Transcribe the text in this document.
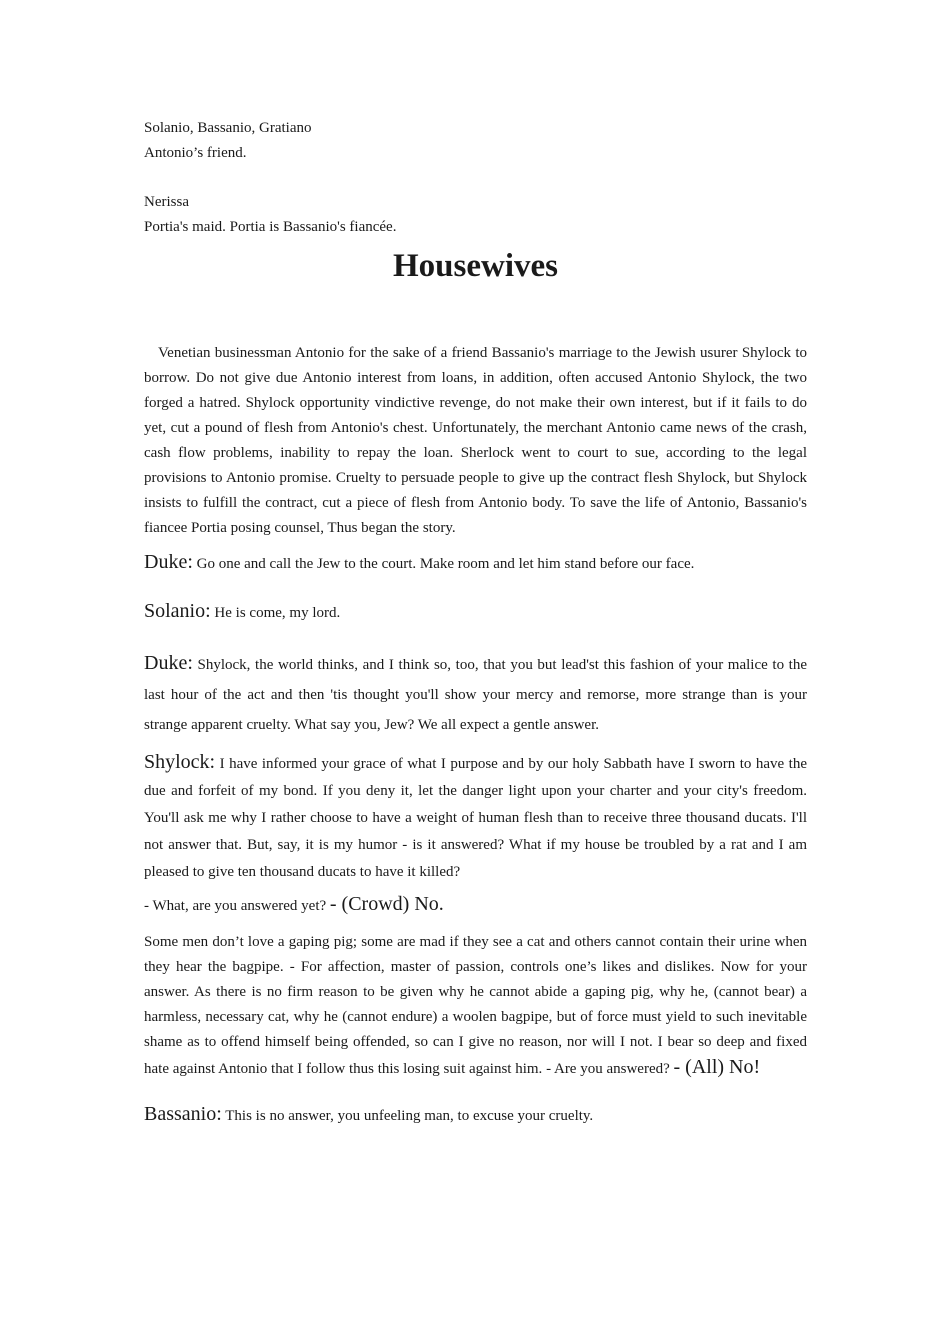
Solanio, Bassanio, Gratiano

Antonio’s friend.

Nerissa

Portia's maid. Portia is Bassanio's fiancée.

Housewives

Venetian businessman Antonio for the sake of a friend Bassanio's marriage to the Jewish usurer Shylock to borrow. Do not give due Antonio interest from loans, in addition, often accused Antonio Shylock, the two forged a hatred. Shylock opportunity vindictive revenge, do not make their own interest, but if it fails to do yet, cut a pound of flesh from Antonio's chest. Unfortunately, the merchant Antonio came news of the crash, cash flow problems, inability to repay the loan. Sherlock went to court to sue, according to the legal provisions to Antonio promise. Cruelty to persuade people to give up the contract flesh Shylock, but Shylock insists to fulfill the contract, cut a piece of flesh from Antonio body. To save the life of Antonio, Bassanio's fiancee Portia posing counsel, Thus began the story.

Duke: Go one and call the Jew to the court. Make room and let him stand before our face.

Solanio: He is come, my lord.

Duke: Shylock, the world thinks, and I think so, too, that you but lead'st this fashion of your malice to the last hour of the act and then 'tis thought you'll show your mercy and remorse, more strange than is your strange apparent cruelty. What say you, Jew? We all expect a gentle answer.

Shylock: I have informed your grace of what I purpose and by our holy Sabbath have I sworn to have the due and forfeit of my bond. If you deny it, let the danger light upon your charter and your city's freedom. You'll ask me why I rather choose to have a weight of human flesh than to receive three thousand ducats. I'll not answer that. But, say, it is my humor - is it answered? What if my house be troubled by a rat and I am pleased to give ten thousand ducats to have it killed?

- What, are you answered yet? - (Crowd) No.

Some men don’t love a gaping pig; some are mad if they see a cat and others cannot contain their urine when they hear the bagpipe. - For affection, master of passion, controls one’s likes and dislikes. Now for your answer. As there is no firm reason to be given why he cannot abide a gaping pig, why he, (cannot bear) a harmless, necessary cat, why he (cannot endure) a woolen bagpipe, but of force must yield to such inevitable shame as to offend himself being offended, so can I give no reason, nor will I not. I bear so deep and fixed hate against Antonio that I follow thus this losing suit against him. - Are you answered? - (All) No!

Bassanio: This is no answer, you unfeeling man, to excuse your cruelty.
